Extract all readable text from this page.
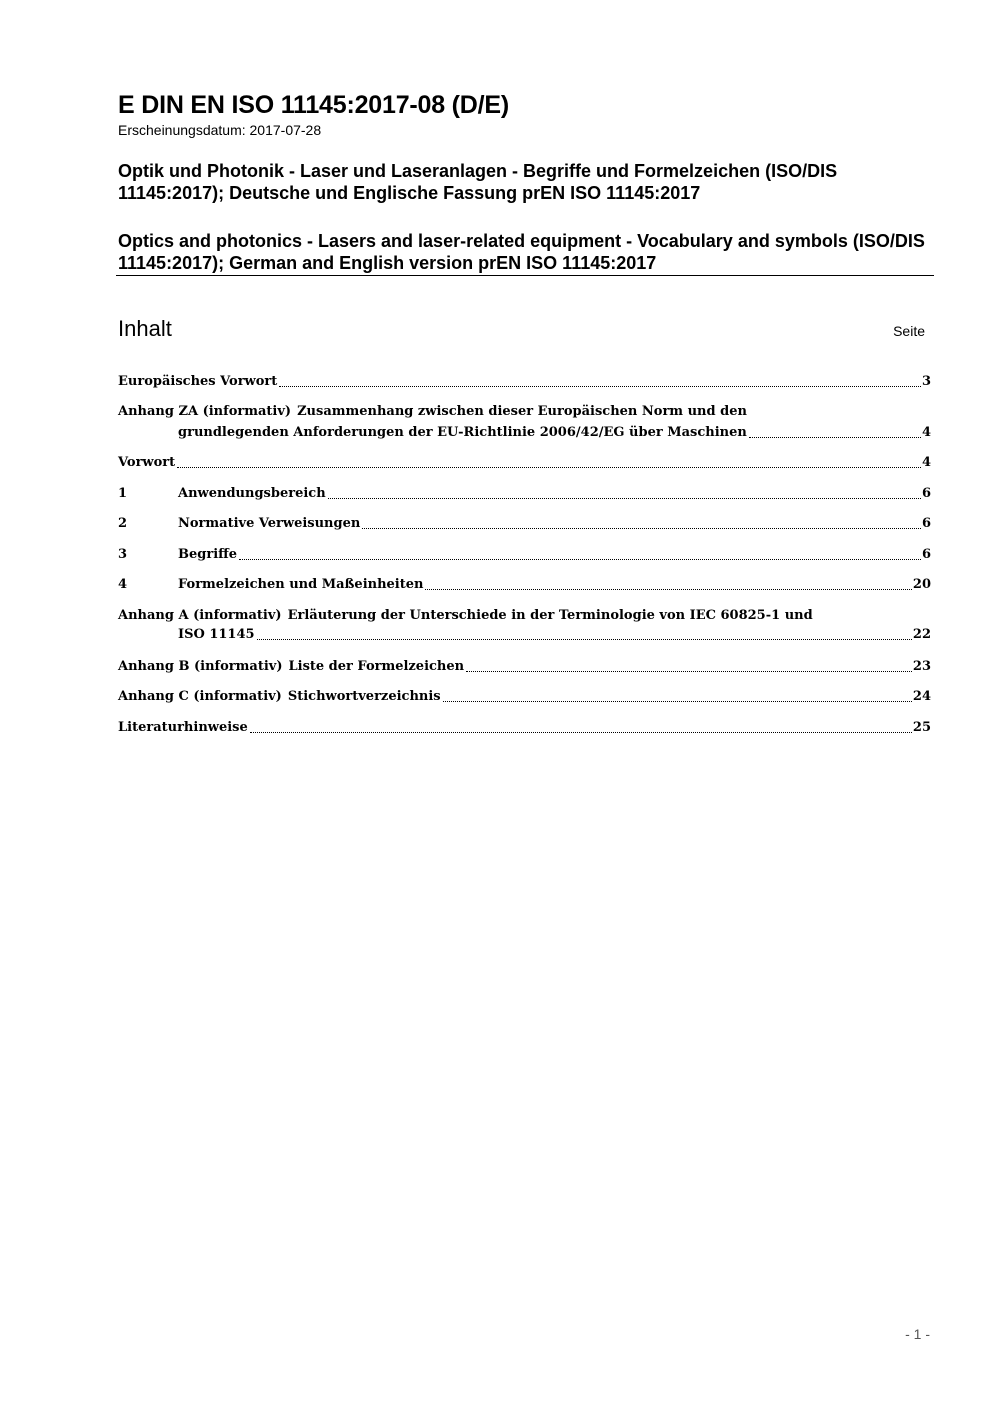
E DIN EN ISO 11145:2017-08 (D/E)
Erscheinungsdatum: 2017-07-28
Optik und Photonik - Laser und Laseranlagen - Begriffe und Formelzeichen (ISO/DIS 11145:2017); Deutsche und Englische Fassung prEN ISO 11145:2017
Optics and photonics - Lasers and laser-related equipment - Vocabulary and symbols (ISO/DIS 11145:2017); German and English version prEN ISO 11145:2017
Inhalt	Seite
Europäisches Vorwort	3
Anhang ZA (informativ) Zusammenhang zwischen dieser Europäischen Norm und den
grundlegenden Anforderungen der EU-Richtlinie 2006/42/EG über Maschinen	4
Vorwort	4
1	Anwendungsbereich	6
2	Normative Verweisungen	6
3	Begriffe	6
4	Formelzeichen und Maßeinheiten	20
Anhang A (informativ) Erläuterung der Unterschiede in der Terminologie von IEC 60825-1 und
ISO 11145	22
Anhang B (informativ) Liste der Formelzeichen	23
Anhang C (informativ) Stichwortverzeichnis	24
Literaturhinweise	25
- 1 -
